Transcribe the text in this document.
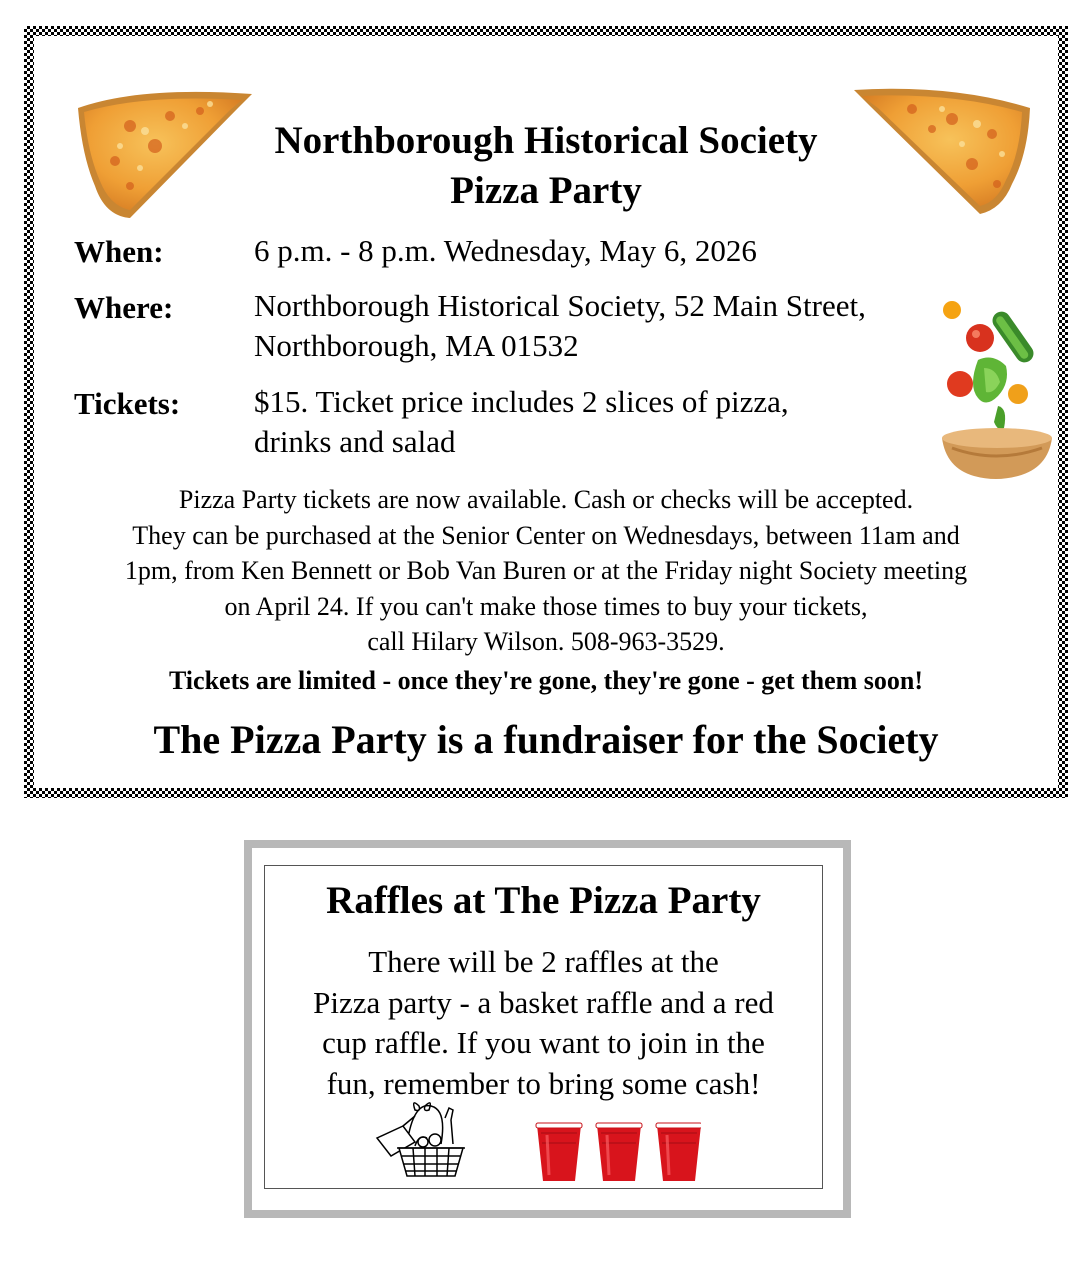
Northborough Historical Society
Pizza Party
When:	6 p.m. - 8 p.m. Wednesday, May 6, 2026
Where:	Northborough Historical Society, 52 Main Street,
Northborough, MA 01532
Tickets: $15. Ticket price includes 2 slices of pizza,
drinks and salad
Pizza Party tickets are now available. Cash or checks will be accepted.
They can be purchased at the Senior Center on Wednesdays, between 11am and
1pm, from Ken Bennett or Bob Van Buren or at the Friday night Society meeting
on April 24. If you can't make those times to buy your tickets,
call Hilary Wilson. 508-963-3529.
Tickets are limited - once they're gone, they're gone - get them soon!
The Pizza Party is a fundraiser for the Society
Raffles at The Pizza Party
There will be 2 raffles at the
Pizza party - a basket raffle and a red
cup raffle. If you want to join in the
fun, remember to bring some cash!
